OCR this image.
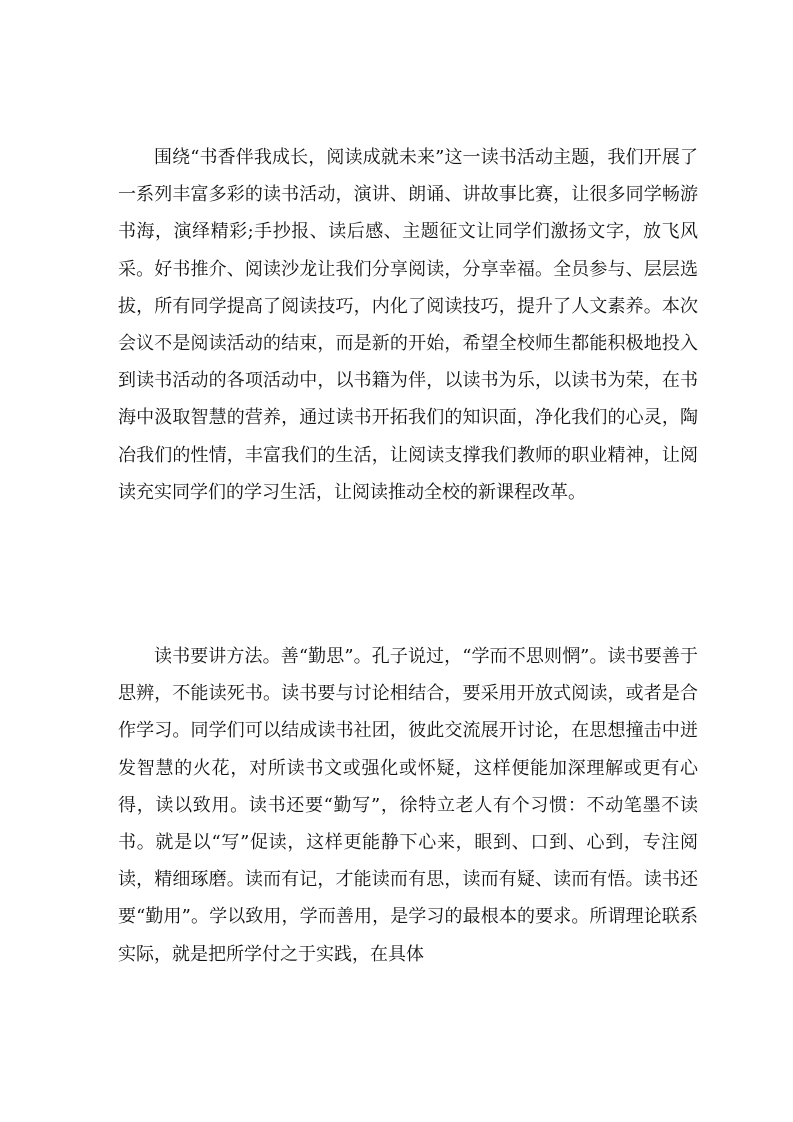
围绕“书香伴我成长，阅读成就未来”这一读书活动主题，我们开展了一系列丰富多彩的读书活动，演讲、朗诵、讲故事比赛，让很多同学畅游书海，演绎精彩;手抄报、读后感、主题征文让同学们激扬文字，放飞风采。好书推介、阅读沙龙让我们分享阅读，分享幸福。全员参与、层层选拔，所有同学提高了阅读技巧，内化了阅读技巧，提升了人文素养。本次会议不是阅读活动的结束，而是新的开始，希望全校师生都能积极地投入到读书活动的各项活动中，以书籍为伴，以读书为乐，以读书为荣，在书海中汲取智慧的营养，通过读书开拓我们的知识面，净化我们的心灵，陶冶我们的性情，丰富我们的生活，让阅读支撑我们教师的职业精神，让阅读充实同学们的学习生活，让阅读推动全校的新课程改革。

读书要讲方法。善“勤思”。孔子说过，“学而不思则惘”。读书要善于思辨，不能读死书。读书要与讨论相结合，要采用开放式阅读，或者是合作学习。同学们可以结成读书社团，彼此交流展开讨论，在思想撞击中迸发智慧的火花，对所读书文或强化或怀疑，这样便能加深理解或更有心得，读以致用。读书还要“勤写”，徐特立老人有个习惯：不动笔墨不读书。就是以“写”促读，这样更能静下心来，眼到、口到、心到，专注阅读，精细琢磨。读而有记，才能读而有思，读而有疑、读而有悟。读书还要“勤用”。学以致用，学而善用，是学习的最根本的要求。所谓理论联系实际，就是把所学付之于实践，在具体
